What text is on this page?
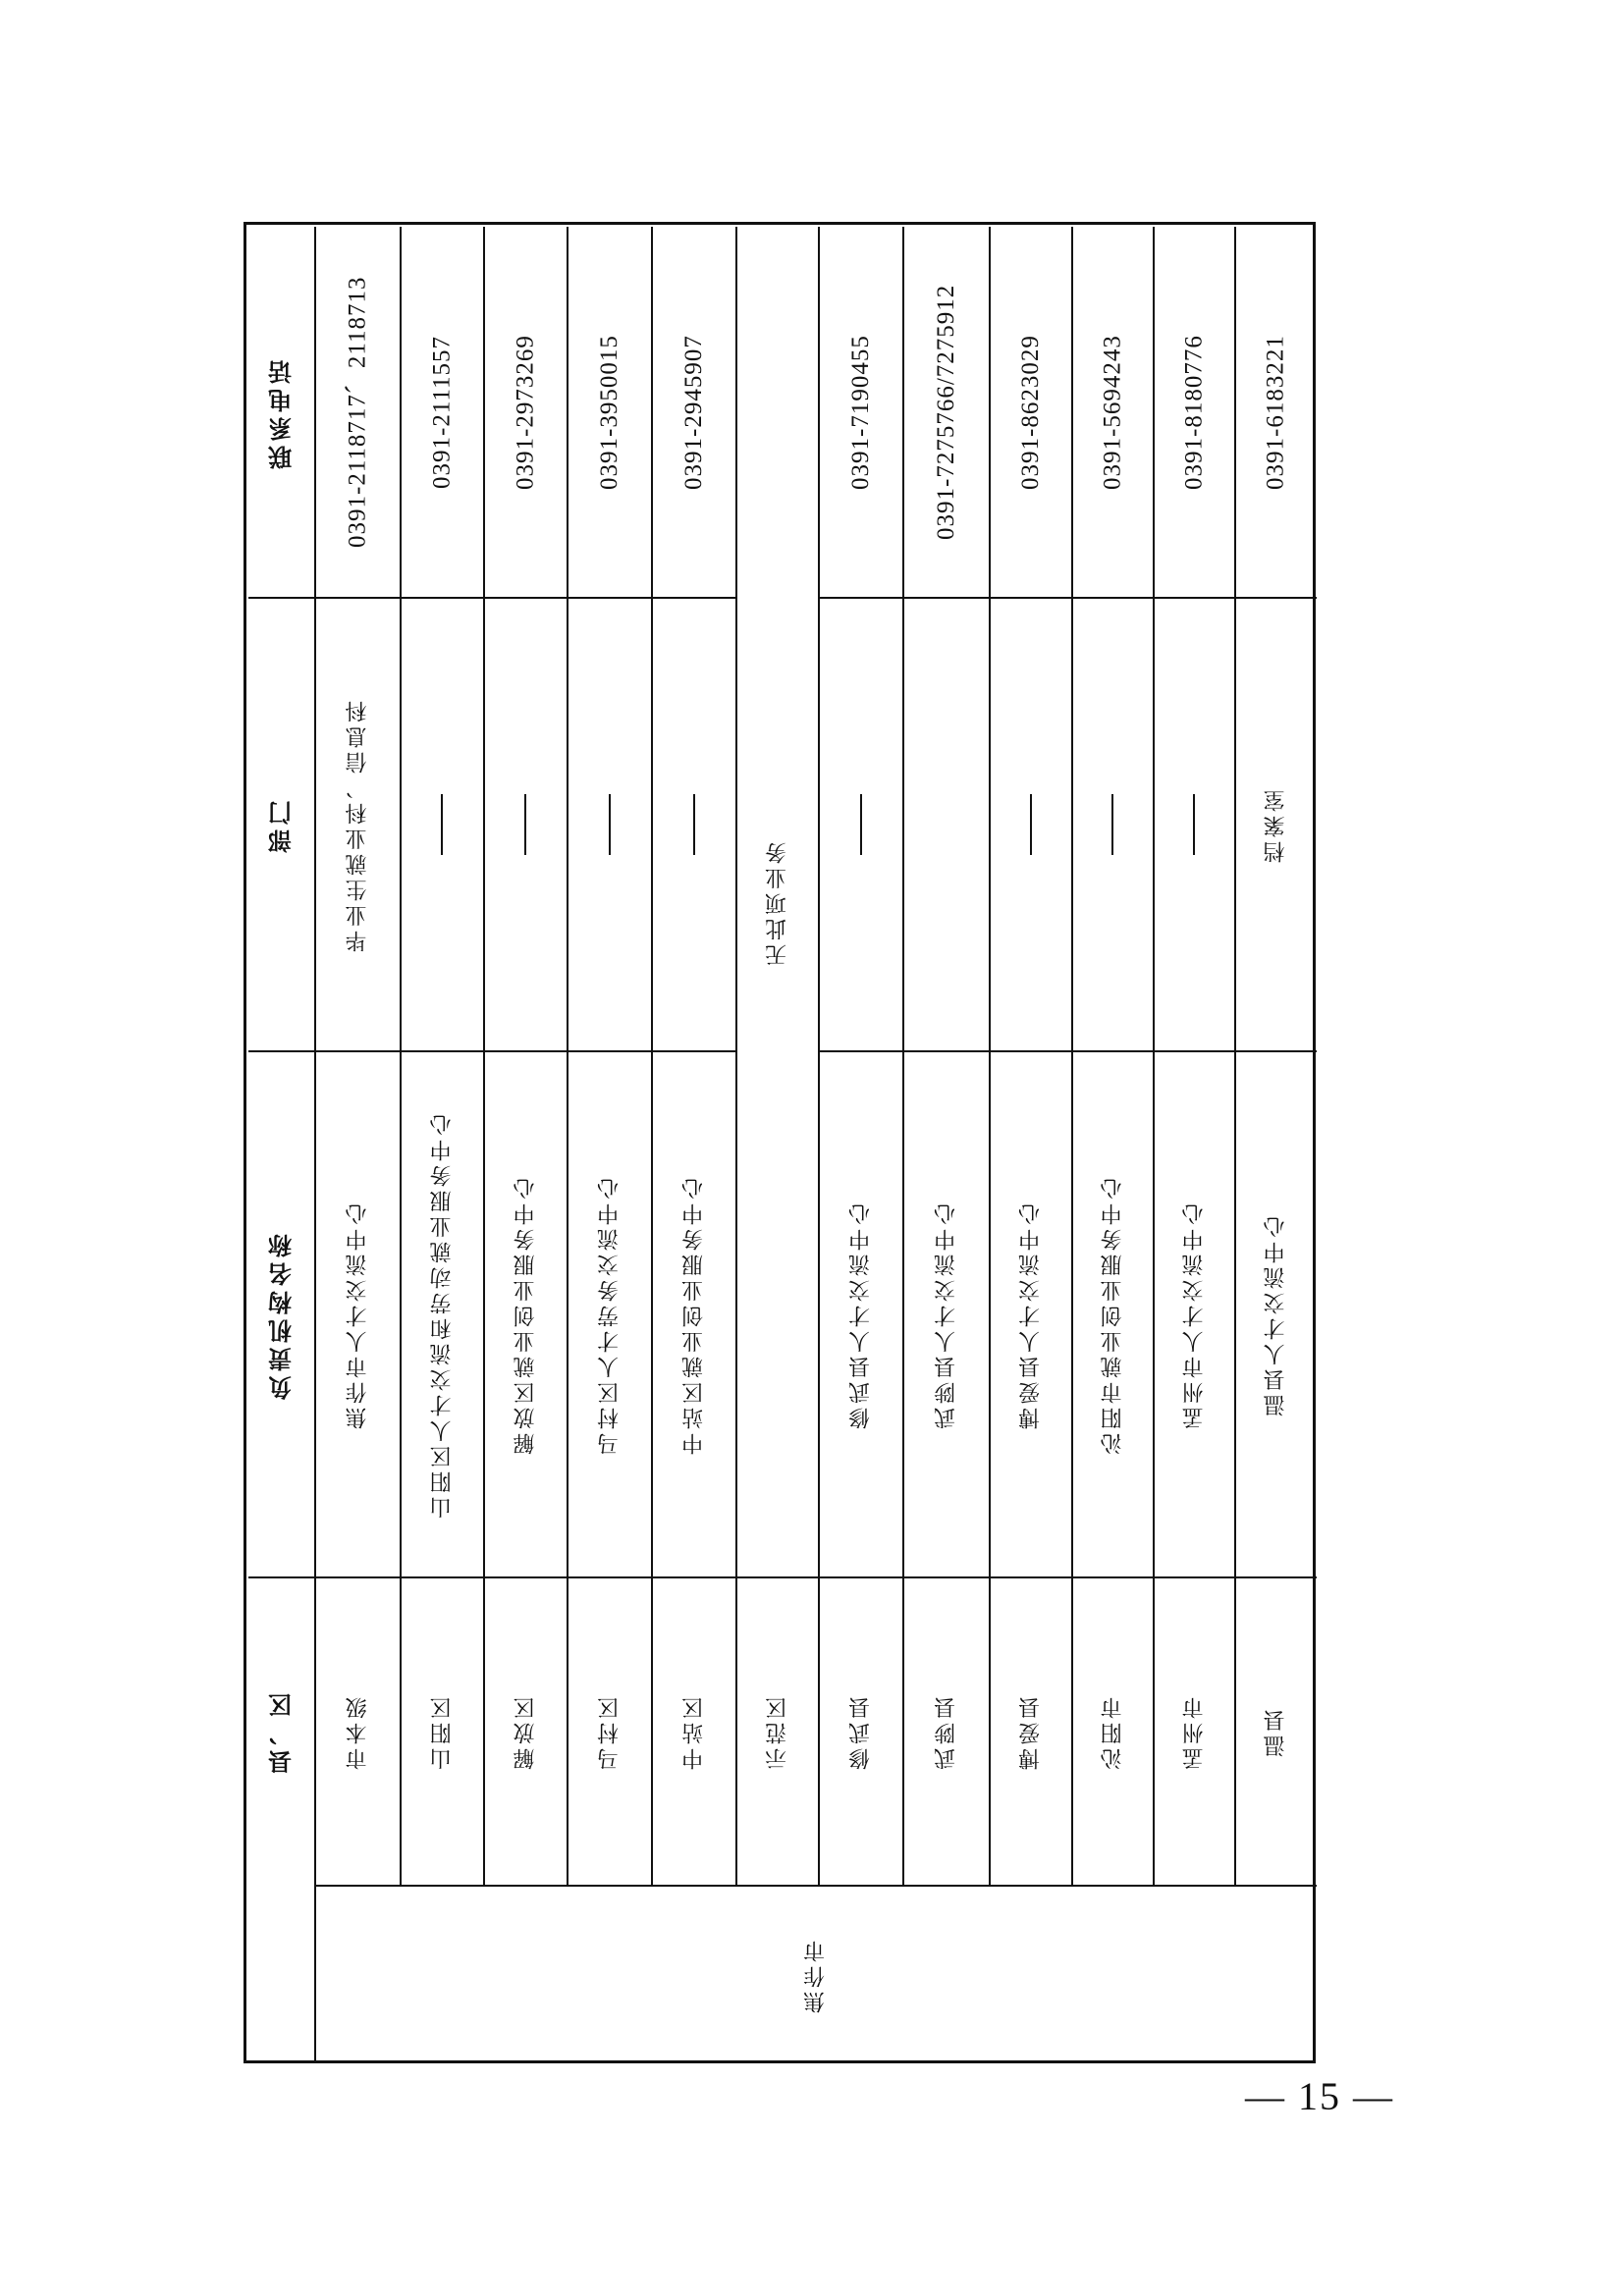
联系电话
部门
负责机构名称
县、区
0391-2118717、2118713
毕业生就业科、信息科
焦作市人才交流中心
市本级
0391-2111557
山阳区人才交流和劳动就业服务中心
山阳区
0391-2973269
解放区就业创业服务中心
解放区
0391-3950015
马村区人才劳务交流中心
马村区
0391-2945907
中站区就业创业服务中心
中站区	示范区
0391-7190455
修武县人才交流中心
修武县
0391-7275766/7275912
武陟县人才交流中心
武陟县
0391-8623029
博爱县人才交流中心
博爱县
0391-5694243
沁阳市就业创业服务中心
沁阳市
0391-8180776
孟州市人才交流中心
孟州市
0391-6183221
档案室
温县人才交流中心
温县
无此项业务
焦作市
— 15 —
